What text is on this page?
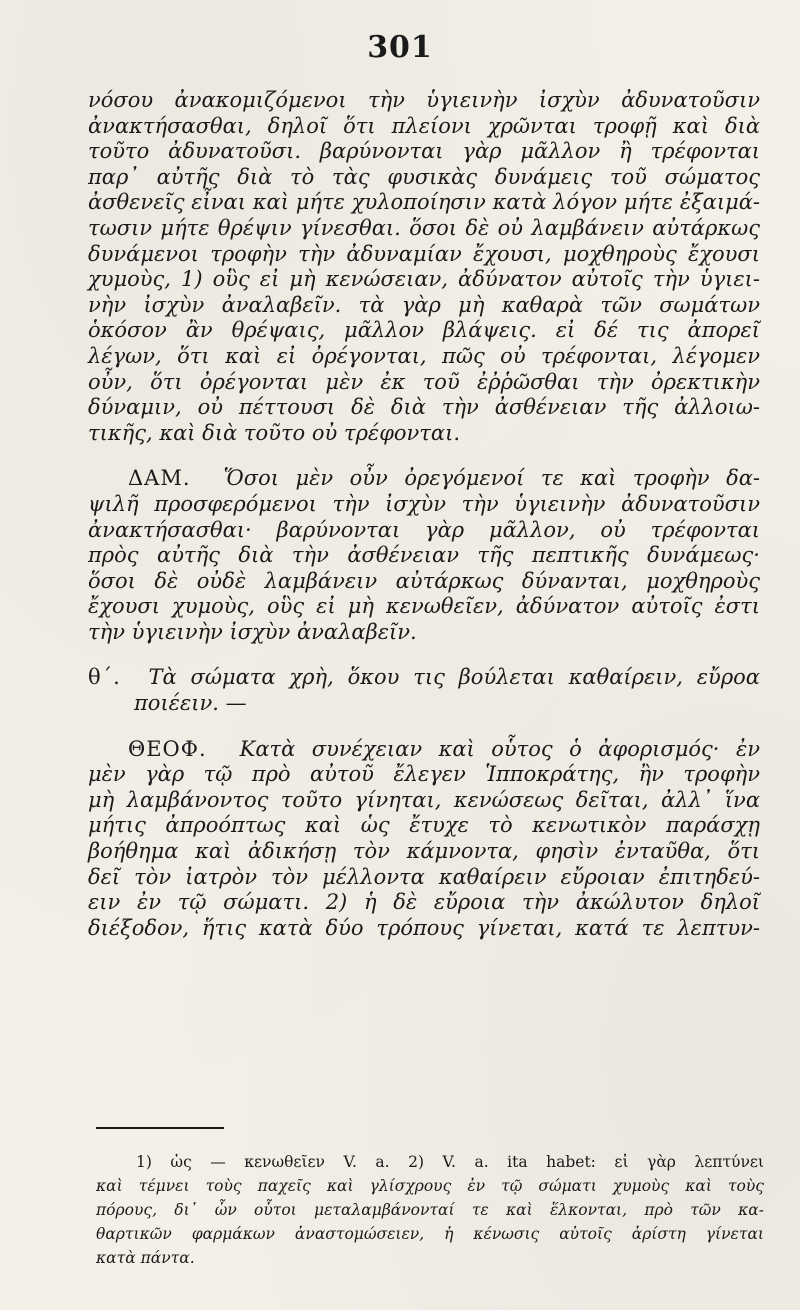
301

νόσου ἀνακομιζόμενοι τὴν ὑγιεινὴν ἰσχὺν ἀδυνατοῦσιν
ἀνακτήσασθαι, δηλοῖ ὅτι πλείονι χρῶνται τροφῇ καὶ διὰ
τοῦτο ἀδυνατοῦσι. βαρύνονται γὰρ μᾶλλον ἢ τρέφονται
παρ᾽ αὐτῆς διὰ τὸ τὰς φυσικὰς δυνάμεις τοῦ σώματος
ἀσθενεῖς εἶναι καὶ μήτε χυλοποίησιν κατὰ λόγον μήτε ἐξαιμά-
τωσιν μήτε θρέψιν γίνεσθαι. ὅσοι δὲ οὐ λαμβάνειν αὐτάρκως
δυνάμενοι τροφὴν τὴν ἀδυναμίαν ἔχουσι, μοχθηροὺς ἔχουσι
χυμοὺς, 1) οὓς εἰ μὴ κενώσειαν, ἀδύνατον αὐτοῖς τὴν ὑγιει-
νὴν ἰσχὺν ἀναλαβεῖν. τὰ γὰρ μὴ καθαρὰ τῶν σωμάτων
ὁκόσον ἂν θρέψαις, μᾶλλον βλάψεις. εἰ δέ τις ἀπορεῖ
λέγων, ὅτι καὶ εἰ ὀρέγονται, πῶς οὐ τρέφονται, λέγομεν
οὖν, ὅτι ὀρέγονται μὲν ἐκ τοῦ ἐῤῥῶσθαι τὴν ὀρεκτικὴν
δύναμιν, οὐ πέττουσι δὲ διὰ τὴν ἀσθένειαν τῆς ἀλλοιω-
τικῆς, καὶ διὰ τοῦτο οὐ τρέφονται.

ΔΑΜ. Ὅσοι μὲν οὖν ὀρεγόμενοί τε καὶ τροφὴν δα-
ψιλῆ προσφερόμενοι τὴν ἰσχὺν τὴν ὑγιεινὴν ἀδυνατοῦσιν
ἀνακτήσασθαι· βαρύνονται γὰρ μᾶλλον, οὐ τρέφονται
πρὸς αὐτῆς διὰ τὴν ἀσθένειαν τῆς πεπτικῆς δυνάμεως·
ὅσοι δὲ οὐδὲ λαμβάνειν αὐτάρκως δύνανται, μοχθηροὺς
ἔχουσι χυμοὺς, οὓς εἰ μὴ κενωθεῖεν, ἀδύνατον αὐτοῖς ἐστι
τὴν ὑγιεινὴν ἰσχὺν ἀναλαβεῖν.

θ΄. Τὰ σώματα χρὴ, ὅκου τις βούλεται καθαίρειν, εὔροα
ποιέειν. —

ΘΕΟΦ. Κατὰ συνέχειαν καὶ οὗτος ὁ ἀφορισμός· ἐν
μὲν γὰρ τῷ πρὸ αὐτοῦ ἔλεγεν Ἱπποκράτης, ἢν τροφὴν
μὴ λαμβάνοντος τοῦτο γίνηται, κενώσεως δεῖται, ἀλλ᾽ ἵνα
μήτις ἀπροόπτως καὶ ὡς ἔτυχε τὸ κενωτικὸν παράσχῃ
βοήθημα καὶ ἀδικήσῃ τὸν κάμνοντα, φησὶν ἐνταῦθα, ὅτι
δεῖ τὸν ἰατρὸν τὸν μέλλοντα καθαίρειν εὔροιαν ἐπιτηδεύ-
ειν ἐν τῷ σώματι. 2) ἡ δὲ εὔροια τὴν ἀκώλυτον δηλοῖ
διέξοδον, ἥτις κατὰ δύο τρόπους γίνεται, κατά τε λεπτυν-

1) ὡς — κενωθεῖεν V. a. 2) V. a. ita habet: εἰ γὰρ λεπτύνει
καὶ τέμνει τοὺς παχεῖς καὶ γλίσχρους ἐν τῷ σώματι χυμοὺς καὶ τοὺς
πόρους, δι᾽ ὧν οὗτοι μεταλαμβάνονταί τε καὶ ἕλκονται, πρὸ τῶν κα-
θαρτικῶν φαρμάκων ἀναστομώσειεν, ἡ κένωσις αὐτοῖς ἀρίστη γίνεται
κατὰ πάντα.
